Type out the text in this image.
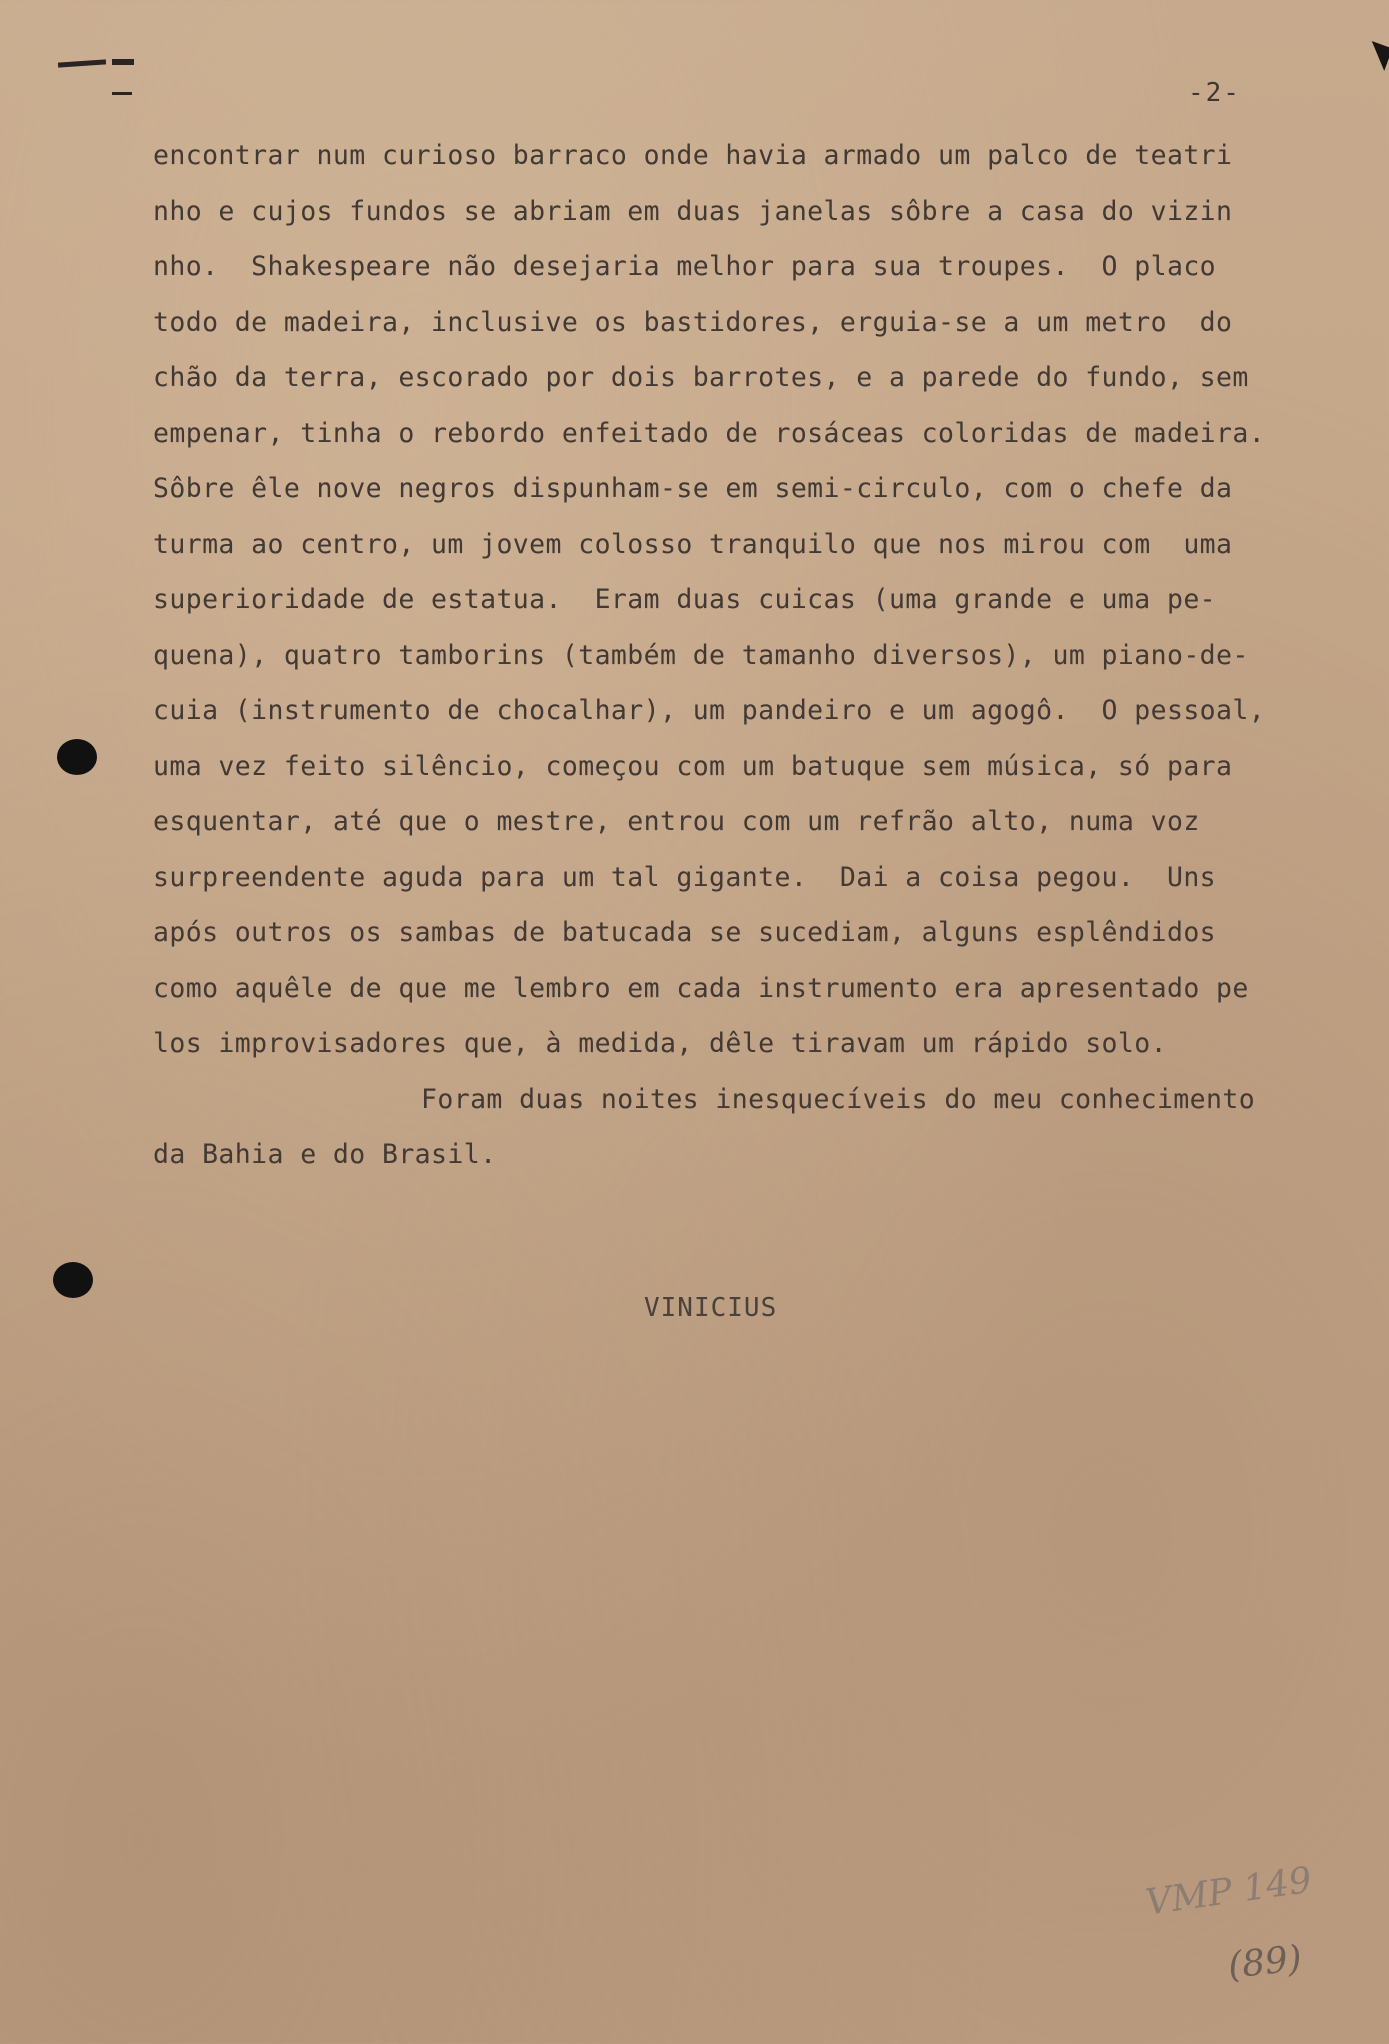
-2-
encontrar num curioso barraco onde havia armado um palco de teatri
nho e cujos fundos se abriam em duas janelas sôbre a casa do vizin
nho.  Shakespeare não desejaria melhor para sua troupes.  O placo
todo de madeira, inclusive os bastidores, erguia-se a um metro  do
chão da terra, escorado por dois barrotes, e a parede do fundo, sem
empenar, tinha o rebordo enfeitado de rosáceas coloridas de madeira.
Sôbre êle nove negros dispunham-se em semi-circulo, com o chefe da
turma ao centro, um jovem colosso tranquilo que nos mirou com  uma
superioridade de estatua.  Eram duas cuicas (uma grande e uma pe-
quena), quatro tamborins (também de tamanho diversos), um piano-de-
cuia (instrumento de chocalhar), um pandeiro e um agogô.  O pessoal,
uma vez feito silêncio, começou com um batuque sem música, só para
esquentar, até que o mestre, entrou com um refrão alto, numa voz
surpreendente aguda para um tal gigante.  Dai a coisa pegou.  Uns
após outros os sambas de batucada se sucediam, alguns esplêndidos
como aquêle de que me lembro em cada instrumento era apresentado pe
los improvisadores que, à medida, dêle tiravam um rápido solo.
Foram duas noites inesquecíveis do meu conhecimento
da Bahia e do Brasil.
VINICIUS
VMP 149
(89)
